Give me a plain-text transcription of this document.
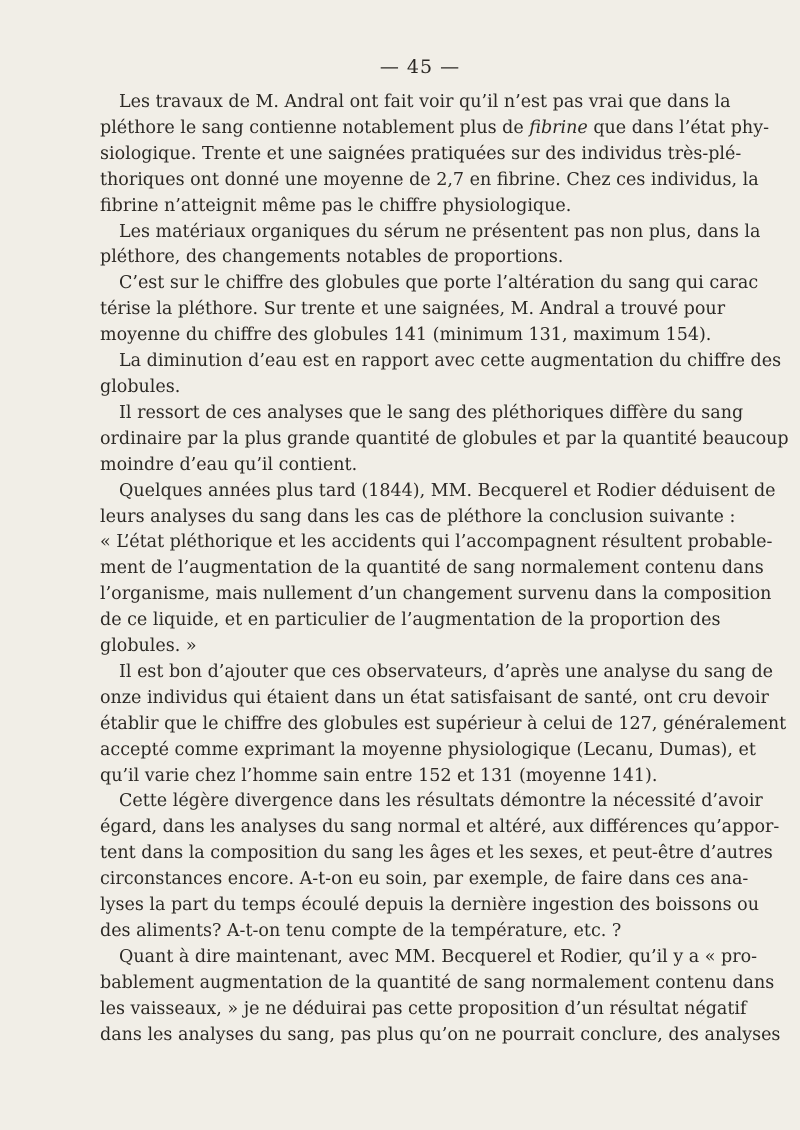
— 45 —
Les travaux de M. Andral ont fait voir qu’il n’est pas vrai que dans la
pléthore le sang contienne notablement plus de fibrine que dans l’état phy-
siologique. Trente et une saignées pratiquées sur des individus très-plé-
thoriques ont donné une moyenne de 2,7 en fibrine. Chez ces individus, la
fibrine n’atteignit même pas le chiffre physiologique.
Les matériaux organiques du sérum ne présentent pas non plus, dans la
pléthore, des changements notables de proportions.
C’est sur le chiffre des globules que porte l’altération du sang qui carac
térise la pléthore. Sur trente et une saignées, M. Andral a trouvé pour
moyenne du chiffre des globules 141 (minimum 131, maximum 154).
La diminution d’eau est en rapport avec cette augmentation du chiffre des
globules.
Il ressort de ces analyses que le sang des pléthoriques diffère du sang
ordinaire par la plus grande quantité de globules et par la quantité beaucoup
moindre d’eau qu’il contient.
Quelques années plus tard (1844), MM. Becquerel et Rodier déduisent de
leurs analyses du sang dans les cas de pléthore la conclusion suivante :
« L’état pléthorique et les accidents qui l’accompagnent résultent probable-
ment de l’augmentation de la quantité de sang normalement contenu dans
l’organisme, mais nullement d’un changement survenu dans la composition
de ce liquide, et en particulier de l’augmentation de la proportion des
globules. »
Il est bon d’ajouter que ces observateurs, d’après une analyse du sang de
onze individus qui étaient dans un état satisfaisant de santé, ont cru devoir
établir que le chiffre des globules est supérieur à celui de 127, généralement
accepté comme exprimant la moyenne physiologique (Lecanu, Dumas), et
qu’il varie chez l’homme sain entre 152 et 131 (moyenne 141).
Cette légère divergence dans les résultats démontre la nécessité d’avoir
égard, dans les analyses du sang normal et altéré, aux différences qu’appor-
tent dans la composition du sang les âges et les sexes, et peut-être d’autres
circonstances encore. A-t-on eu soin, par exemple, de faire dans ces ana-
lyses la part du temps écoulé depuis la dernière ingestion des boissons ou
des aliments? A-t-on tenu compte de la température, etc. ?
Quant à dire maintenant, avec MM. Becquerel et Rodier, qu’il y a « pro-
bablement augmentation de la quantité de sang normalement contenu dans
les vaisseaux, » je ne déduirai pas cette proposition d’un résultat négatif
dans les analyses du sang, pas plus qu’on ne pourrait conclure, des analyses
